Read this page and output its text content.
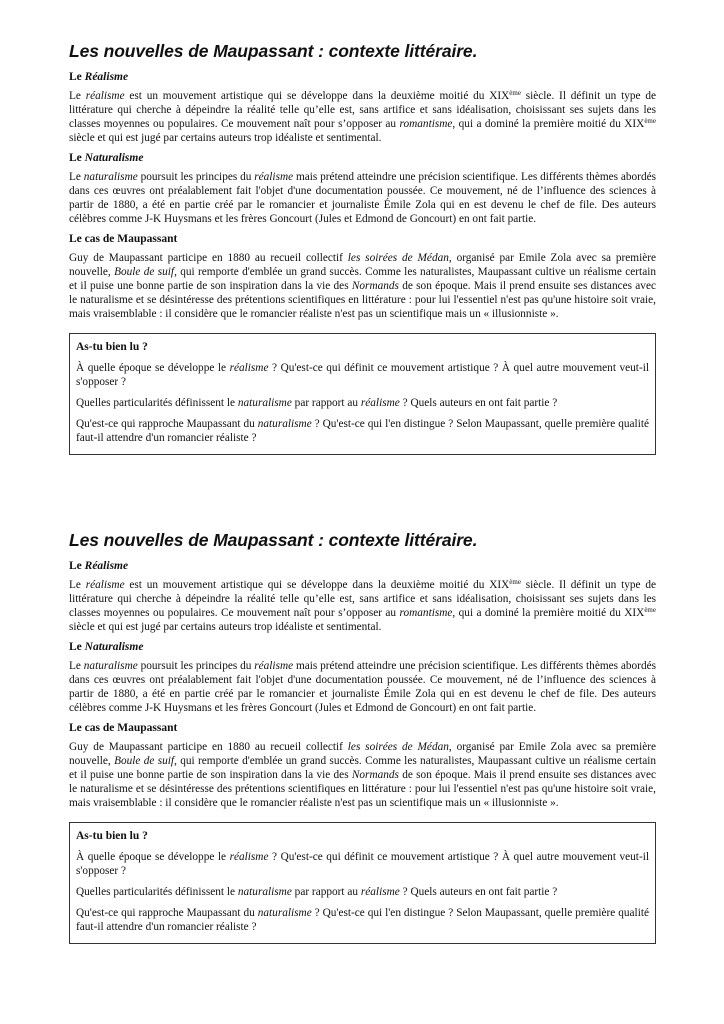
Les nouvelles de Maupassant : contexte littéraire.
Le Réalisme

Le réalisme est un mouvement artistique qui se développe dans la deuxième moitié du XIXème siècle. Il définit un type de littérature qui cherche à dépeindre la réalité telle qu’elle est, sans artifice et sans idéalisation, choisissant ses sujets dans les classes moyennes ou populaires. Ce mouvement naît pour s’opposer au romantisme, qui a dominé la première moitié du XIXème siècle et qui est jugé par certains auteurs trop idéaliste et sentimental.

Le Naturalisme

Le naturalisme poursuit les principes du réalisme mais prétend atteindre une précision scientifique. Les différents thèmes abordés dans ces œuvres ont préalablement fait l'objet d'une documentation poussée. Ce mouvement, né de l’influence des sciences à partir de 1880, a été en partie créé par le romancier et journaliste Émile Zola qui en est devenu le chef de file. Des auteurs célèbres comme J-K Huysmans et les frères Goncourt (Jules et Edmond de Goncourt) en ont fait partie.

Le cas de Maupassant

Guy de Maupassant participe en 1880 au recueil collectif les soirées de Médan, organisé par Emile Zola avec sa première nouvelle, Boule de suif, qui remporte d'emblée un grand succès. Comme les naturalistes, Maupassant cultive un réalisme certain et il puise une bonne partie de son inspiration dans la vie des Normands de son époque. Mais il prend ensuite ses distances avec le naturalisme et se désintéresse des prétentions scientifiques en littérature : pour lui l'essentiel n'est pas qu'une histoire soit vraie, mais vraisemblable : il considère que le romancier réaliste n'est pas un scientifique mais un « illusionniste ».

As-tu bien lu ?

À quelle époque se développe le réalisme ? Qu'est-ce qui définit ce mouvement artistique ? À quel autre mouvement veut-il s'opposer ?

Quelles particularités définissent le naturalisme par rapport au réalisme ? Quels auteurs en ont fait partie ?

Qu'est-ce qui rapproche Maupassant du naturalisme ? Qu'est-ce qui l'en distingue ? Selon Maupassant, quelle première qualité faut-il attendre d'un romancier réaliste ?

Les nouvelles de Maupassant : contexte littéraire.
Le Réalisme

Le réalisme est un mouvement artistique qui se développe dans la deuxième moitié du XIXème siècle. Il définit un type de littérature qui cherche à dépeindre la réalité telle qu’elle est, sans artifice et sans idéalisation, choisissant ses sujets dans les classes moyennes ou populaires. Ce mouvement naît pour s’opposer au romantisme, qui a dominé la première moitié du XIXème siècle et qui est jugé par certains auteurs trop idéaliste et sentimental.

Le Naturalisme

Le naturalisme poursuit les principes du réalisme mais prétend atteindre une précision scientifique. Les différents thèmes abordés dans ces œuvres ont préalablement fait l'objet d'une documentation poussée. Ce mouvement, né de l’influence des sciences à partir de 1880, a été en partie créé par le romancier et journaliste Émile Zola qui en est devenu le chef de file. Des auteurs célèbres comme J-K Huysmans et les frères Goncourt (Jules et Edmond de Goncourt) en ont fait partie.

Le cas de Maupassant

Guy de Maupassant participe en 1880 au recueil collectif les soirées de Médan, organisé par Emile Zola avec sa première nouvelle, Boule de suif, qui remporte d'emblée un grand succès. Comme les naturalistes, Maupassant cultive un réalisme certain et il puise une bonne partie de son inspiration dans la vie des Normands de son époque. Mais il prend ensuite ses distances avec le naturalisme et se désintéresse des prétentions scientifiques en littérature : pour lui l'essentiel n'est pas qu'une histoire soit vraie, mais vraisemblable : il considère que le romancier réaliste n'est pas un scientifique mais un « illusionniste ».

As-tu bien lu ?

À quelle époque se développe le réalisme ? Qu'est-ce qui définit ce mouvement artistique ? À quel autre mouvement veut-il s'opposer ?

Quelles particularités définissent le naturalisme par rapport au réalisme ? Quels auteurs en ont fait partie ?

Qu'est-ce qui rapproche Maupassant du naturalisme ? Qu'est-ce qui l'en distingue ? Selon Maupassant, quelle première qualité faut-il attendre d'un romancier réaliste ?
